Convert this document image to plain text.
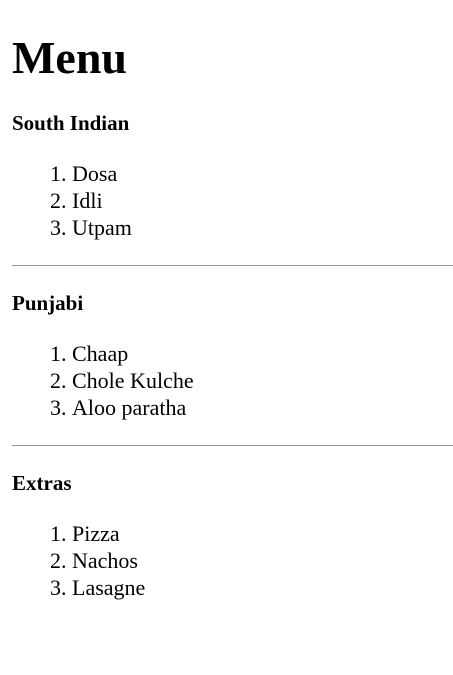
Menu
South Indian
1. Dosa
2. Idli
3. Utpam
Punjabi
1. Chaap
2. Chole Kulche
3. Aloo paratha
Extras
1. Pizza
2. Nachos
3. Lasagne
